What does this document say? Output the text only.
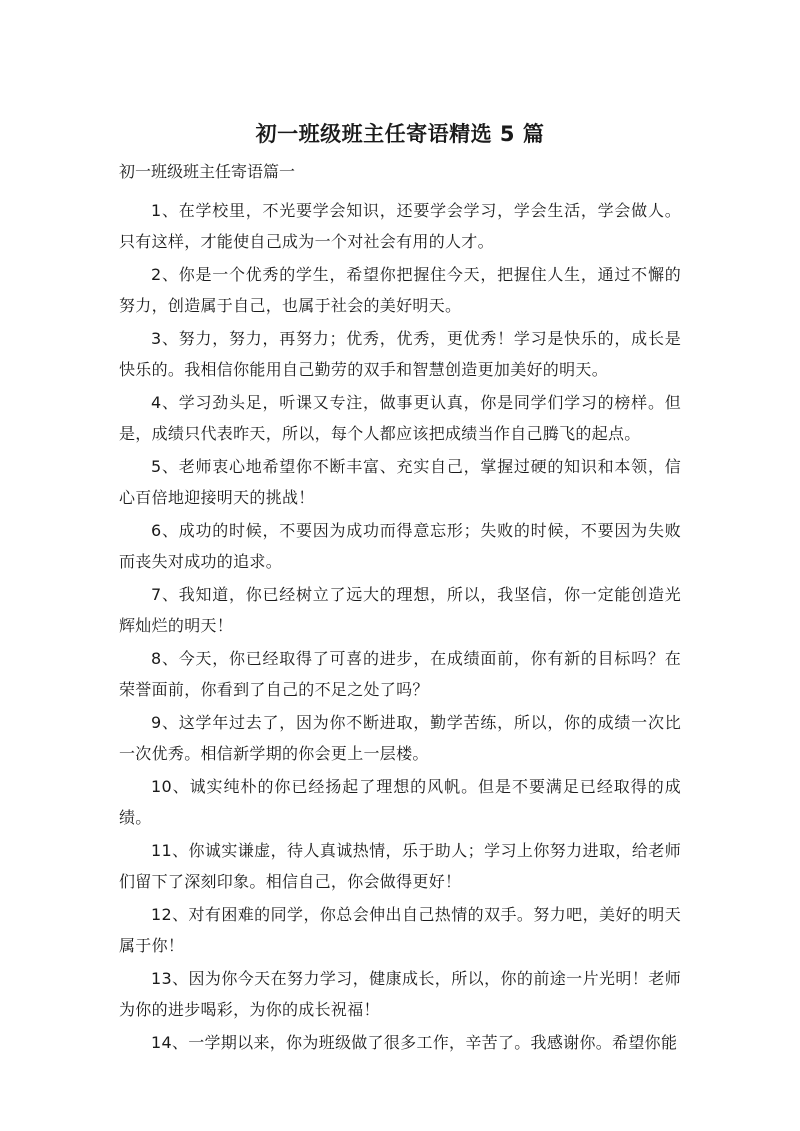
初一班级班主任寄语精选 5 篇
初一班级班主任寄语篇一
1、在学校里，不光要学会知识，还要学会学习，学会生活，学会做人。只有这样，才能使自己成为一个对社会有用的人才。
2、你是一个优秀的学生，希望你把握住今天，把握住人生，通过不懈的努力，创造属于自己，也属于社会的美好明天。
3、努力，努力，再努力；优秀，优秀，更优秀！学习是快乐的，成长是快乐的。我相信你能用自己勤劳的双手和智慧创造更加美好的明天。
4、学习劲头足，听课又专注，做事更认真，你是同学们学习的榜样。但是，成绩只代表昨天，所以，每个人都应该把成绩当作自己腾飞的起点。
5、老师衷心地希望你不断丰富、充实自己，掌握过硬的知识和本领，信心百倍地迎接明天的挑战！
6、成功的时候，不要因为成功而得意忘形；失败的时候，不要因为失败而丧失对成功的追求。
7、我知道，你已经树立了远大的理想，所以，我坚信，你一定能创造光辉灿烂的明天！
8、今天，你已经取得了可喜的进步，在成绩面前，你有新的目标吗？在荣誉面前，你看到了自己的不足之处了吗？
9、这学年过去了，因为你不断进取，勤学苦练，所以，你的成绩一次比一次优秀。相信新学期的你会更上一层楼。
10、诚实纯朴的你已经扬起了理想的风帆。但是不要满足已经取得的成绩。
11、你诚实谦虚，待人真诚热情，乐于助人；学习上你努力进取，给老师们留下了深刻印象。相信自己，你会做得更好！
12、对有困难的同学，你总会伸出自己热情的双手。努力吧，美好的明天属于你！
13、因为你今天在努力学习，健康成长，所以，你的前途一片光明！老师为你的进步喝彩，为你的成长祝福！
14、一学期以来，你为班级做了很多工作，辛苦了。我感谢你。希望你能
